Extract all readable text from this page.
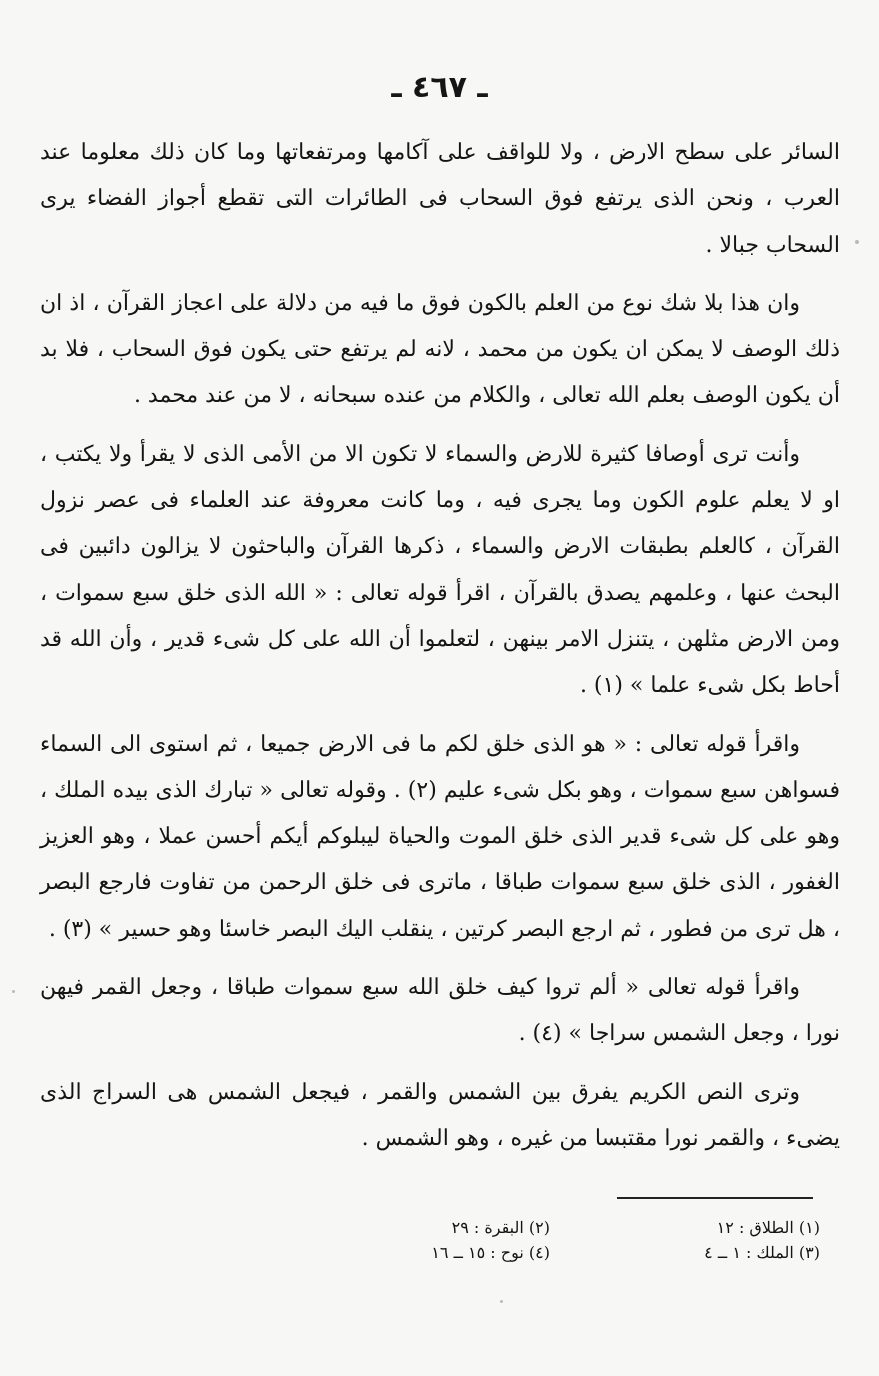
ـ ٤٦٧ ـ

السائر على سطح الارض ، ولا للواقف على آكامها ومرتفعاتها وما كان ذلك معلوما عند العرب ، ونحن الذى يرتفع فوق السحاب فى الطائرات التى تقطع أجواز الفضاء يرى السحاب جبالا .

وان هذا بلا شك نوع من العلم بالكون فوق ما فيه من دلالة على اعجاز القرآن ، اذ ان ذلك الوصف لا يمكن ان يكون من محمد ، لانه لم يرتفع حتى يكون فوق السحاب ، فلا بد أن يكون الوصف بعلم الله تعالى ، والكلام من عنده سبحانه ، لا من عند محمد .

وأنت ترى أوصافا كثيرة للارض والسماء لا تكون الا من الأمى الذى لا يقرأ ولا يكتب ، او لا يعلم علوم الكون وما يجرى فيه ، وما كانت معروفة عند العلماء فى عصر نزول القرآن ، كالعلم بطبقات الارض والسماء ، ذكرها القرآن والباحثون لا يزالون دائبين فى البحث عنها ، وعلمهم يصدق بالقرآن ، اقرأ قوله تعالى : « الله الذى خلق سبع سموات ، ومن الارض مثلهن ، يتنزل الامر بينهن ، لتعلموا أن الله على كل شىء قدير ، وأن الله قد أحاط بكل شىء علما » (١) .

واقرأ قوله تعالى : « هو الذى خلق لكم ما فى الارض جميعا ، ثم استوى الى السماء فسواهن سبع سموات ، وهو بكل شىء عليم (٢) . وقوله تعالى « تبارك الذى بيده الملك ، وهو على كل شىء قدير الذى خلق الموت والحياة ليبلوكم أيكم أحسن عملا ، وهو العزيز الغفور ، الذى خلق سبع سموات طباقا ، ماترى فى خلق الرحمن من تفاوت فارجع البصر ، هل ترى من فطور ، ثم ارجع البصر كرتين ، ينقلب اليك البصر خاسئا وهو حسير » (٣) .

واقرأ قوله تعالى « ألم تروا كيف خلق الله سبع سموات طباقا ، وجعل القمر فيهن نورا ، وجعل الشمس سراجا » (٤) .

وترى النص الكريم يفرق بين الشمس والقمر ، فيجعل الشمس هى السراج الذى يضىء ، والقمر نورا مقتبسا من غيره ، وهو الشمس .

(١) الطلاق : ١٢
(٢) البقرة : ٢٩
(٣) الملك : ١ ــ ٤
(٤) نوح : ١٥ ــ ١٦
